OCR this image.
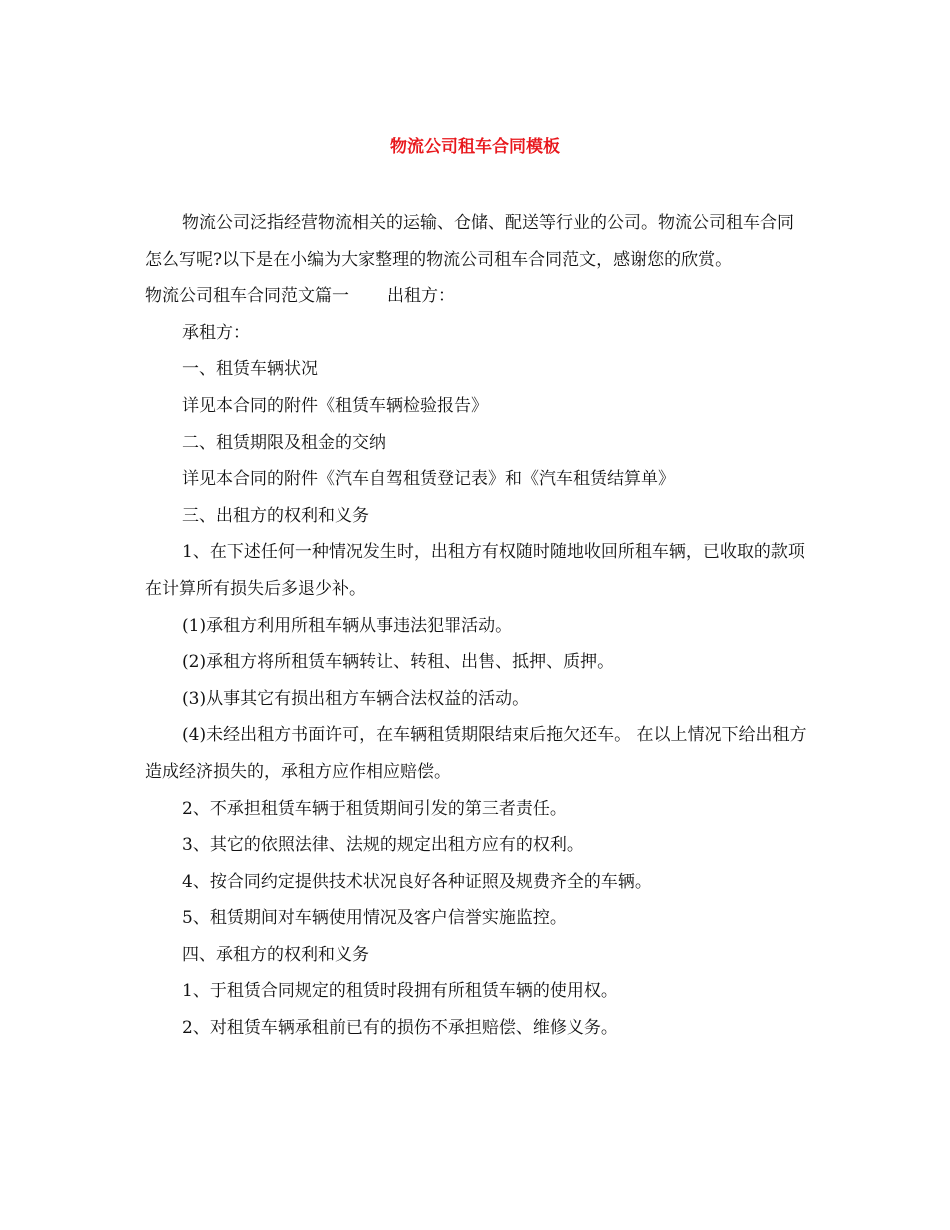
物流公司租车合同模板

物流公司泛指经营物流相关的运输、仓储、配送等行业的公司。物流公司租车合同怎么写呢?以下是在小编为大家整理的物流公司租车合同范文，感谢您的欣赏。

物流公司租车合同范文篇一 出租方：

承租方：

一、租赁车辆状况

详见本合同的附件《租赁车辆检验报告》

二、租赁期限及租金的交纳

详见本合同的附件《汽车自驾租赁登记表》和《汽车租赁结算单》

三、出租方的权利和义务

1、在下述任何一种情况发生时，出租方有权随时随地收回所租车辆，已收取的款项在计算所有损失后多退少补。

(1)承租方利用所租车辆从事违法犯罪活动。

(2)承租方将所租赁车辆转让、转租、出售、抵押、质押。

(3)从事其它有损出租方车辆合法权益的活动。

(4)未经出租方书面许可，在车辆租赁期限结束后拖欠还车。 在以上情况下给出租方造成经济损失的，承租方应作相应赔偿。

2、不承担租赁车辆于租赁期间引发的第三者责任。

3、其它的依照法律、法规的规定出租方应有的权利。

4、按合同约定提供技术状况良好各种证照及规费齐全的车辆。

5、租赁期间对车辆使用情况及客户信誉实施监控。

四、承租方的权利和义务

1、于租赁合同规定的租赁时段拥有所租赁车辆的使用权。

2、对租赁车辆承租前已有的损伤不承担赔偿、维修义务。
